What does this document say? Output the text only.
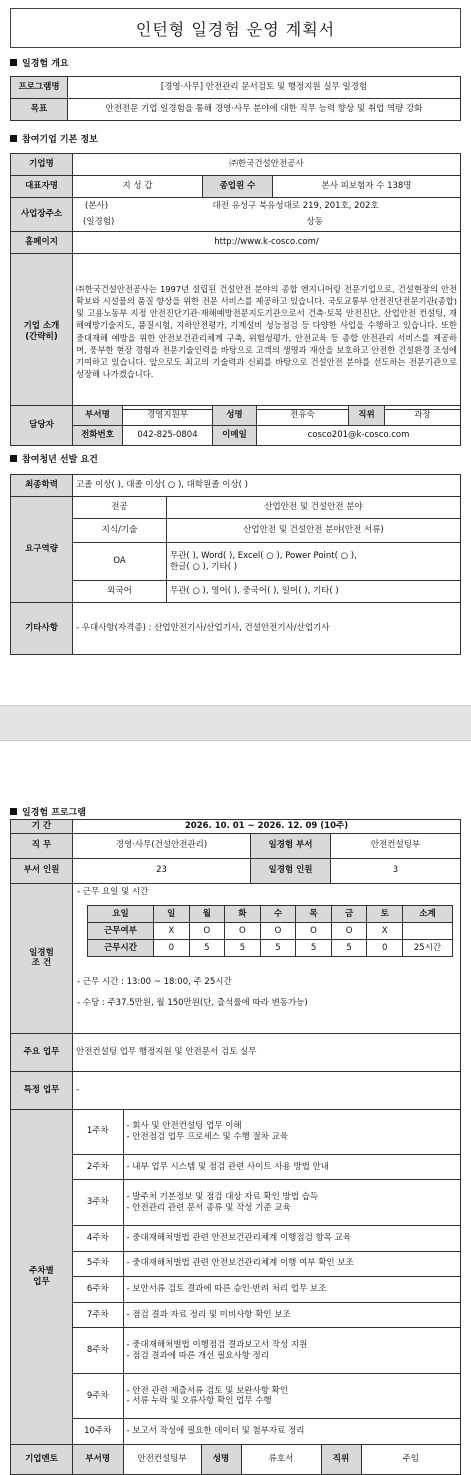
인턴형 일경험 운영 계획서
일경험 개요
프로그램명	[경영·사무] 안전관리 문서검토 및 행정지원 실무 일경험
목표	안전전문 기업 일경험을 통해 경영·사무 분야에 대한 직무 능력 향상 및 취업 역량 강화
참여기업 기본 정보
기업명	㈜한국건설안전공사		
대표자명	지 성 갑	종업원 수	본사 피보험자 수 138명
사업장주소	(본사)	대전 유성구 북유성대로 219, 201호, 202호	
	(일경험)	상동	
홈페이지	http://www.k-cosco.com/		
기업 소개
(간략히)	㈜한국건설안전공사는 1997년 설립된 건설안전 분야의 종합 엔지니어링 전문기업으로, 건설현장의 안전 확보와 시설물의 품질 향상을 위한 전문 서비스를 제공하고 있습니다. 국토교통부 안전진단전문기관(종합) 및 고용노동부 지정 안전진단기관·재해예방전문지도기관으로서 건축·토목 안전진단, 산업안전 컨설팅, 재해예방기술지도, 품질시험, 지하안전평가, 기계설비 성능점검 등 다양한 사업을 수행하고 있습니다. 또한 중대재해 예방을 위한 안전보건관리체계 구축, 위험성평가, 안전교육 등 종합 안전관리 서비스를 제공하며, 풍부한 현장 경험과 전문기술인력을 바탕으로 고객의 생명과 재산을 보호하고 안전한 건설환경 조성에 기여하고 있습니다. 앞으로도 최고의 기술력과 신뢰를 바탕으로 건설안전 분야를 선도하는 전문기관으로 성장해 나가겠습니다.		
담당자	부서명	경영지원부	성명	전유숙	직위	과장
	전화번호	042-825-0804	이메일	cosco201@k-cosco.com		
참여청년 선발 요건
최종학력	고졸 이상( ), 대졸 이상( ○ ), 대학원졸 이상( )	
요구역량	전공	산업안전 및 건설안전 분야
	지식/기술	산업안전 및 건설안전 분야(안전 서류)
	OA	무관( ), Word( ), Excel( ○ ), Power Point( ○ ),
한글( ○ ), 기타( )
	외국어	무관( ○ ), 영어( ), 중국어( ), 일어( ), 기타( )
기타사항	- 우대사항(자격증) : 산업안전기사/산업기사, 건설안전기사/산업기사	
일경험 프로그램
기 간	2026. 10. 01 ~ 2026. 12. 09 (10주)
직 무	경영·사무(건설안전관리)	일경험 부서	안전컨설팅부
부서 인원	23	일경험 인원	3
일경험
조 건	
- 근무 요일 및 시간
요일	일	월	화	수	목	금	토	소계
근무여부	X	O	O	O	O	O	X	
근무시간	0	5	5	5	5	5	0	25시간
- 근무 시간 : 13:00 ~ 18:00, 주 25시간
- 수당 : 주37.5만원, 월 150만원(단, 출석률에 따라 변동가능)

주요 업무	안전컨설팅 업무 행정지원 및 안전문서 검토 실무
특정 업무	-
주차별
업무	
1주차	
- 회사 및 안전컨설팅 업무 이해
- 안전점검 업무 프로세스 및 수행 절차 교육

2주차	- 내부 업무 시스템 및 점검 관련 사이트 사용 방법 안내

3주차	
- 발주처 기본정보 및 점검 대상 자료 확인 방법 습득
- 안전관리 관련 문서 종류 및 작성 기준 교육

4주차	- 중대재해처벌법 관련 안전보건관리체계 이행점검 항목 교육

5주차	- 중대재해처벌법 관련 안전보건관리체계 이행 여부 확인 보조

6주차	- 보안서류 검토 결과에 따른 승인·반려 처리 업무 보조

7주차	- 점검 결과 자료 정리 및 미비사항 확인 보조

8주차	
- 중대재해처벌법 이행점검 결과보고서 작성 지원
- 점검 결과에 따른 개선 필요사항 정리

9주차	
- 안전 관련 제출서류 검토 및 보완사항 확인
- 서류 누락 및 오류사항 확인 업무 수행

10주차	- 보고서 작성에 필요한 데이터 및 첨부자료 정리

기업멘토		부서명	안전컨설팅부	성명	류호서	직위	주임
